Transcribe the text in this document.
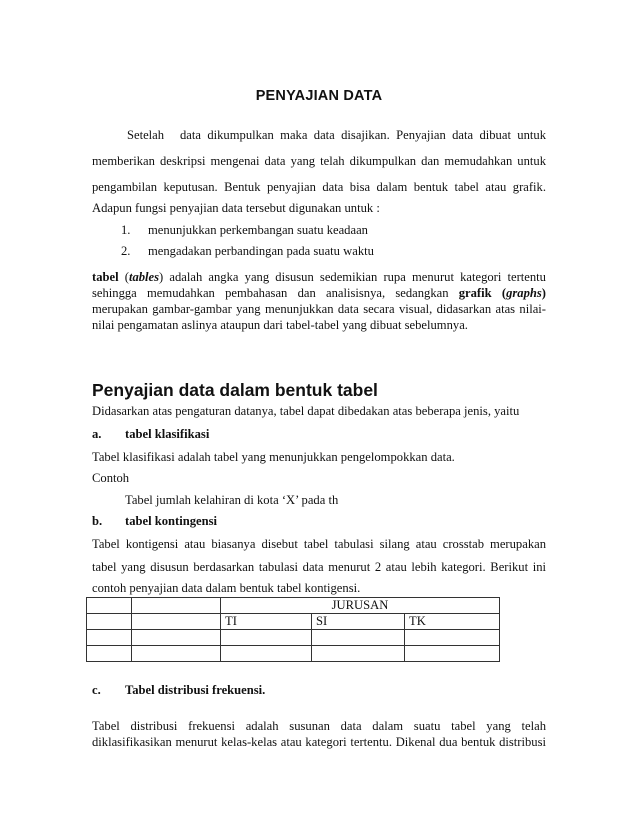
PENYAJIAN DATA
Setelah data dikumpulkan maka data disajikan. Penyajian data dibuat untuk
memberikan deskripsi mengenai data yang telah dikumpulkan dan memudahkan untuk
pengambilan keputusan. Bentuk penyajian data bisa dalam bentuk tabel atau grafik.
Adapun fungsi penyajian data tersebut digunakan untuk :
1. menunjukkan perkembangan suatu keadaan
2. mengadakan perbandingan pada suatu waktu
tabel (tables) adalah angka yang disusun sedemikian rupa menurut kategori tertentu
sehingga memudahkan pembahasan dan analisisnya, sedangkan grafik (graphs)
merupakan gambar-gambar yang menunjukkan data secara visual, didasarkan atas nilai-
nilai pengamatan aslinya ataupun dari tabel-tabel yang dibuat sebelumnya.
Penyajian data dalam bentuk tabel
Didasarkan atas pengaturan datanya, tabel dapat dibedakan atas beberapa jenis, yaitu
a. tabel klasifikasi
Tabel klasifikasi adalah tabel yang menunjukkan pengelompokkan data.
Contoh
Tabel jumlah kelahiran di kota ‘X’ pada th
b. tabel kontingensi
Tabel kontigensi atau biasanya disebut tabel tabulasi silang atau crosstab merupakan
tabel yang disusun berdasarkan tabulasi data menurut 2 atau lebih kategori. Berikut ini
contoh penyajian data dalam bentuk tabel kontigensi.
		JURUSAN		
		TI	SI	TK

c. Tabel distribusi frekuensi.
Tabel distribusi frekuensi adalah susunan data dalam suatu tabel yang telah
diklasifikasikan menurut kelas-kelas atau kategori tertentu. Dikenal dua bentuk distribusi
